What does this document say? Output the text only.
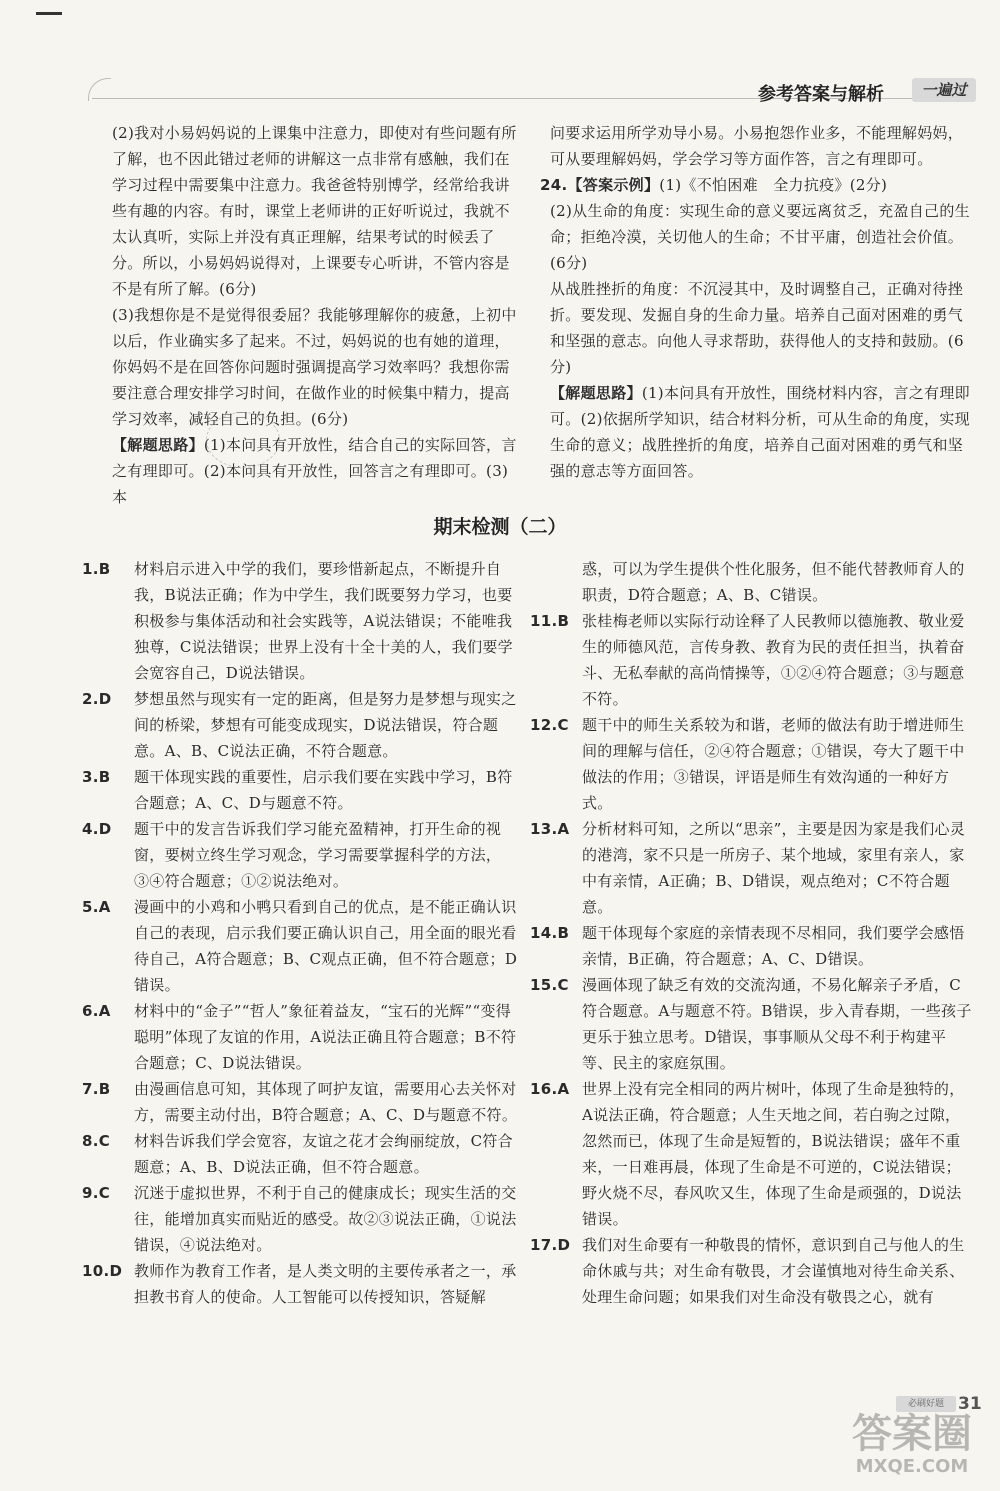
参考答案与解析	一遍过

(2)我对小易妈妈说的上课集中注意力，即使对有些问题有所了解，也不因此错过老师的讲解这一点非常有感触，我们在学习过程中需要集中注意力。我爸爸特别博学，经常给我讲些有趣的内容。有时，课堂上老师讲的正好听说过，我就不太认真听，实际上并没有真正理解，结果考试的时候丢了分。所以，小易妈妈说得对，上课要专心听讲，不管内容是不是有所了解。(6分)

(3)我想你是不是觉得很委屈？我能够理解你的疲惫，上初中以后，作业确实多了起来。不过，妈妈说的也有她的道理，你妈妈不是在回答你问题时强调提高学习效率吗？我想你需要注意合理安排学习时间，在做作业的时候集中精力，提高学习效率，减轻自己的负担。(6分)

【解题思路】(1)本问具有开放性，结合自己的实际回答，言之有理即可。(2)本问具有开放性，回答言之有理即可。(3)本

问要求运用所学劝导小易。小易抱怨作业多，不能理解妈妈，可从要理解妈妈，学会学习等方面作答，言之有理即可。

24.【答案示例】(1)《不怕困难　全力抗疫》(2分)

(2)从生命的角度：实现生命的意义要远离贫乏，充盈自己的生命；拒绝冷漠，关切他人的生命；不甘平庸，创造社会价值。(6分)

从战胜挫折的角度：不沉浸其中，及时调整自己，正确对待挫折。要发现、发掘自身的生命力量。培养自己面对困难的勇气和坚强的意志。向他人寻求帮助，获得他人的支持和鼓励。(6分)

【解题思路】(1)本问具有开放性，围绕材料内容，言之有理即可。(2)依据所学知识，结合材料分析，可从生命的角度，实现生命的意义；战胜挫折的角度，培养自己面对困难的勇气和坚强的意志等方面回答。

期末检测（二）
1.B	材料启示进入中学的我们，要珍惜新起点，不断提升自我，B说法正确；作为中学生，我们既要努力学习，也要积极参与集体活动和社会实践等，A说法错误；不能唯我独尊，C说法错误；世界上没有十全十美的人，我们要学会宽容自己，D说法错误。
2.D	梦想虽然与现实有一定的距离，但是努力是梦想与现实之间的桥梁，梦想有可能变成现实，D说法错误，符合题意。A、B、C说法正确，不符合题意。
3.B	题干体现实践的重要性，启示我们要在实践中学习，B符合题意；A、C、D与题意不符。
4.D	题干中的发言告诉我们学习能充盈精神，打开生命的视窗，要树立终生学习观念，学习需要掌握科学的方法，③④符合题意；①②说法绝对。
5.A	漫画中的小鸡和小鸭只看到自己的优点，是不能正确认识自己的表现，启示我们要正确认识自己，用全面的眼光看待自己，A符合题意；B、C观点正确，但不符合题意；D错误。
6.A	材料中的“金子”“哲人”象征着益友，“宝石的光辉”“变得聪明”体现了友谊的作用，A说法正确且符合题意；B不符合题意；C、D说法错误。
7.B	由漫画信息可知，其体现了呵护友谊，需要用心去关怀对方，需要主动付出，B符合题意；A、C、D与题意不符。
8.C	材料告诉我们学会宽容，友谊之花才会绚丽绽放，C符合题意；A、B、D说法正确，但不符合题意。
9.C	沉迷于虚拟世界，不利于自己的健康成长；现实生活的交往，能增加真实而贴近的感受。故②③说法正确，①说法错误，④说法绝对。
10.D 教师作为教育工作者，是人类文明的主要传承者之一，承担教书育人的使命。人工智能可以传授知识，答疑解

惑，可以为学生提供个性化服务，但不能代替教师育人的职责，D符合题意；A、B、C错误。

11.B 张桂梅老师以实际行动诠释了人民教师以德施教、敬业爱生的师德风范，言传身教、教育为民的责任担当，执着奋斗、无私奉献的高尚情操等，①②④符合题意；③与题意不符。
12.C 题干中的师生关系较为和谐，老师的做法有助于增进师生间的理解与信任，②④符合题意；①错误，夸大了题干中做法的作用；③错误，评语是师生有效沟通的一种好方式。
13.A 分析材料可知，之所以“思亲”，主要是因为家是我们心灵的港湾，家不只是一所房子、某个地域，家里有亲人，家中有亲情，A正确；B、D错误，观点绝对；C不符合题意。
14.B 题干体现每个家庭的亲情表现不尽相同，我们要学会感悟亲情，B正确，符合题意；A、C、D错误。
15.C 漫画体现了缺乏有效的交流沟通，不易化解亲子矛盾，C符合题意。A与题意不符。B错误，步入青春期，一些孩子更乐于独立思考。D错误，事事顺从父母不利于构建平等、民主的家庭氛围。
16.A 世界上没有完全相同的两片树叶，体现了生命是独特的，A说法正确，符合题意；人生天地之间，若白驹之过隙，忽然而已，体现了生命是短暂的，B说法错误；盛年不重来，一日难再晨，体现了生命是不可逆的，C说法错误；野火烧不尽，春风吹又生，体现了生命是顽强的，D说法错误。
17.D 我们对生命要有一种敬畏的情怀，意识到自己与他人的生命休戚与共；对生命有敬畏，才会谨慎地对待生命关系、处理生命问题；如果我们对生命没有敬畏之心，就有
必刷好题 31
答案圈
MXQE.COM
